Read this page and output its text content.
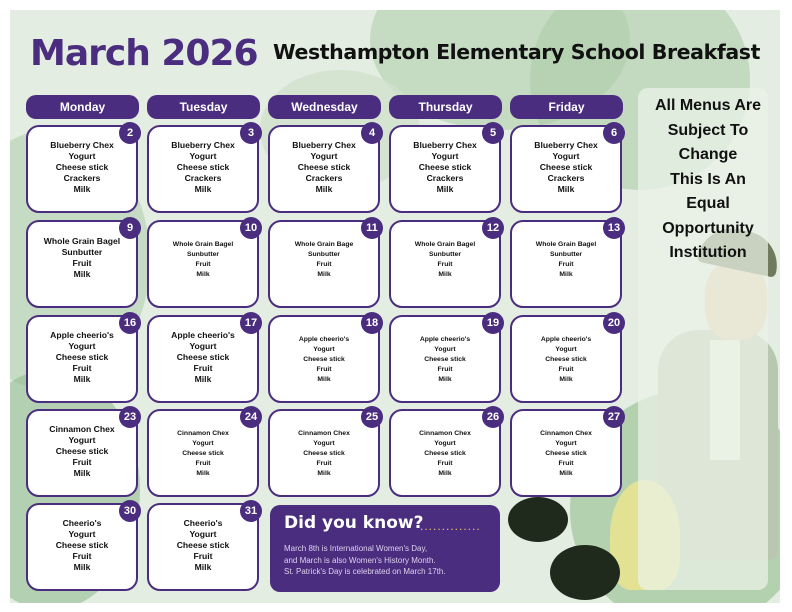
March 2026 Westhampton Elementary School Breakfast
Monday	Tuesday	Wednesday	Thursday	Friday	All Menus Are
Subject To
Change
This Is An
Equal
Opportunity
Institution
2
Blueberry Chex
Yogurt
Cheese stick
Crackers
Milk
3
Blueberry Chex
Yogurt
Cheese stick
Crackers
Milk
4
Blueberry Chex
Yogurt
Cheese stick
Crackers
Milk
5
Blueberry Chex
Yogurt
Cheese stick
Crackers
Milk
6
Blueberry Chex
Yogurt
Cheese stick
Crackers
Milk
9
Whole Grain Bagel
Sunbutter
Fruit
Milk
10
Whole Grain Bagel
Sunbutter
Fruit
Milk
11
Whole Grain Bage
Sunbutter
Fruit
Milk
12
Whole Grain Bagel
Sunbutter
Fruit
Milk
13
Whole Grain Bagel
Sunbutter
Fruit
Milk
16
Apple cheerio's
Yogurt
Cheese stick
Fruit
Milk
17
Apple cheerio's
Yogurt
Cheese stick
Fruit
Milk
18
Apple cheerio's
Yogurt
Cheese stick
Fruit
Milk
19
Apple cheerio's
Yogurt
Cheese stick
Fruit
Milk
20
Apple cheerio's
Yogurt
Cheese stick
Fruit
Milk
23
Cinnamon Chex
Yogurt
Cheese stick
Fruit
Milk
24
Cinnamon Chex
Yogurt
Cheese stick
Fruit
Milk
25
Cinnamon Chex
Yogurt
Cheese stick
Fruit
Milk
26
Cinnamon Chex
Yogurt
Cheese stick
Fruit
Milk
27
Cinnamon Chex
Yogurt
Cheese stick
Fruit
Milk
30
Cheerio's
Yogurt
Cheese stick
Fruit
Milk
31
Cheerio's
Yogurt
Cheese stick
Fruit
Milk
Did you know?
..............
March 8th is International Women's Day,
and March is also Women's History Month.
St. Patrick's Day is celebrated on March 17th.
